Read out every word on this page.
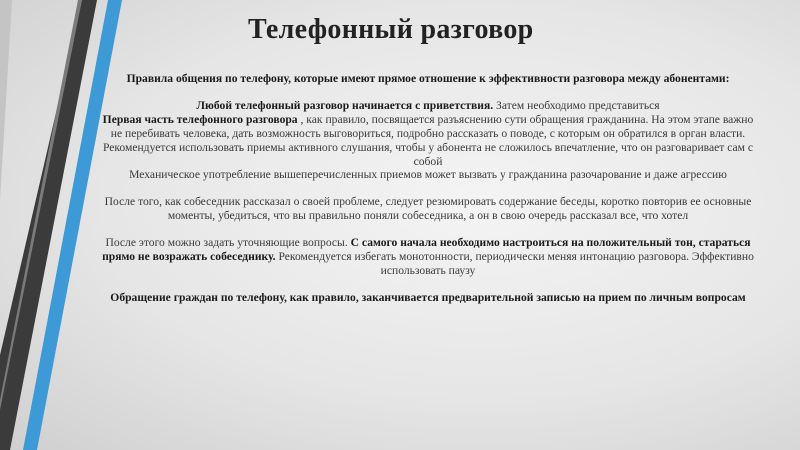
Телефонный разговор

Правила общения по телефону, которые имеют прямое отношение к эффективности разговора между абонентами:

Любой телефонный разговор начинается с приветствия. Затем необходимо представиться

Первая часть телефонного разговора , как правило, посвящается разъяснению сути обращения гражданина. На этом этапе важно не перебивать человека, дать возможность выговориться, подробно рассказать о поводе, с которым он обратился в орган власти.

Рекомендуется использовать приемы активного слушания, чтобы у абонента не сложилось впечатление, что он разговаривает сам с собой

Механическое употребление вышеперечисленных приемов может вызвать у гражданина разочарование и даже агрессию

После того, как собеседник рассказал о своей проблеме, следует резюмировать содержание беседы, коротко повторив ее основные моменты, убедиться, что вы правильно поняли собеседника, а он в свою очередь рассказал все, что хотел

После этого можно задать уточняющие вопросы. С самого начала необходимо настроиться на положительный тон, стараться прямо не возражать собеседнику. Рекомендуется избегать монотонности, периодически меняя интонацию разговора. Эффективно использовать паузу

Обращение граждан по телефону, как правило, заканчивается предварительной записью на прием по личным вопросам
